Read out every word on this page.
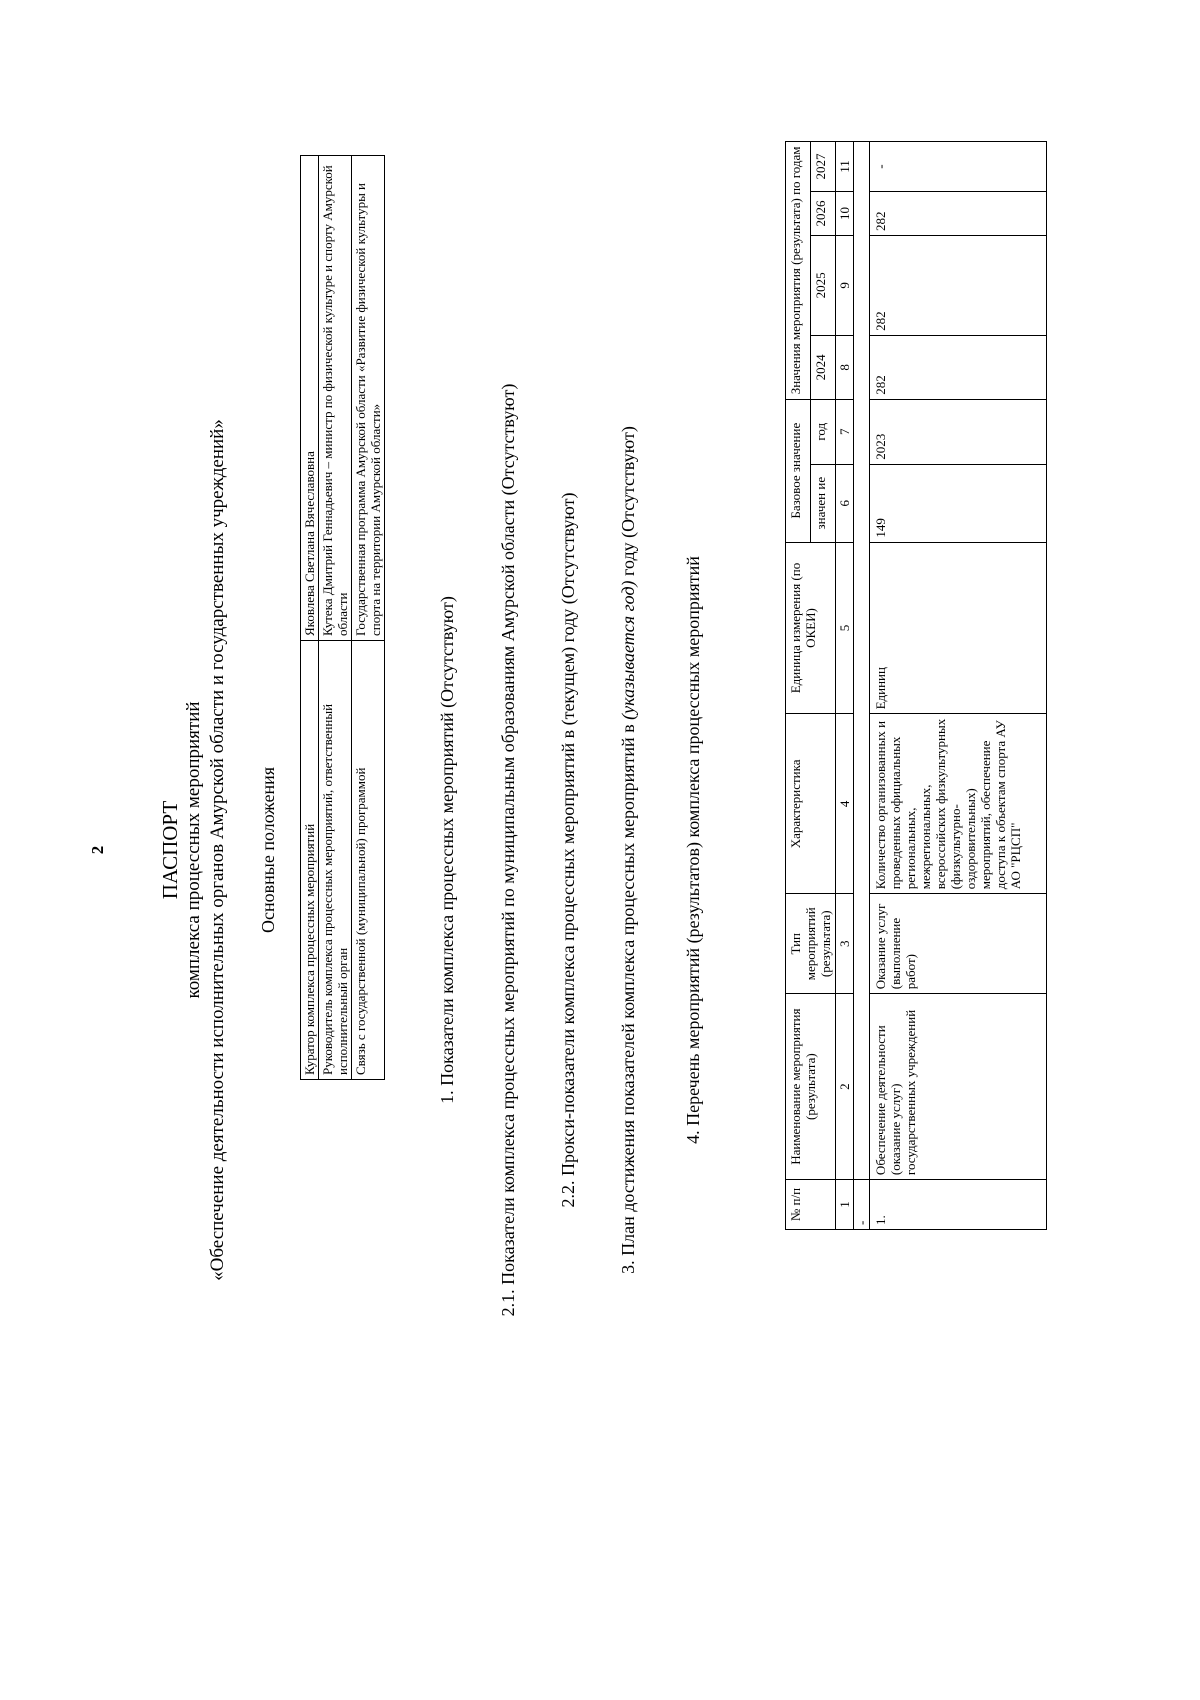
2 ПАСПОРТ комплекса процессных мероприятий «Обеспечение деятельности исполнительных органов Амурской области и государственных учреждений» Основные положения Куратор комплекса процессных мероприятий	Яковлева Светлана Вячеславовна
Руководитель комплекса процессных мероприятий, ответственный исполнительный орган	Кутека Дмитрий Геннадьевич – министр по физической культуре и спорту Амурской области
Связь с государственной (муниципальной) программой	Государственная программа Амурской области «Развитие физической культуры и спорта на территории Амурской области»
1. Показатели комплекса процессных мероприятий (Отсутствуют) 2.1. Показатели комплекса процессных мероприятий по муниципальным образованиям Амурской области (Отсутствуют) 2.2. Прокси-показатели комплекса процессных мероприятий в (текущем) году (Отсутствуют) 3. План достижения показателей комплекса процессных мероприятий в (указывается год) году (Отсутствуют)
4. Перечень мероприятий (результатов) комплекса процессных мероприятий
№ п/п	Наименование мероприятия (результата)	Тип мероприятий (результата)	Характеристика	Единица измерения (по ОКЕИ)	Базовое значение		Значения мероприятия (результата) по годам			
					значен ие	год	2024	2025	2026	2027
1	2	3	4	5	6	7	8	9	10	11
-										
1.	Обеспечение деятельности (оказание услуг) государственных учреждений	Оказание услуг (выполнение работ)	Количество организованных и проведенных официальных региональных, межрегиональных, всероссийских физкультурных (физкультурно-оздоровительных) мероприятий, обеспечение доступа к объектам спорта АУ АО "РЦСП"	Единиц	149	2023	282	282	282	-
